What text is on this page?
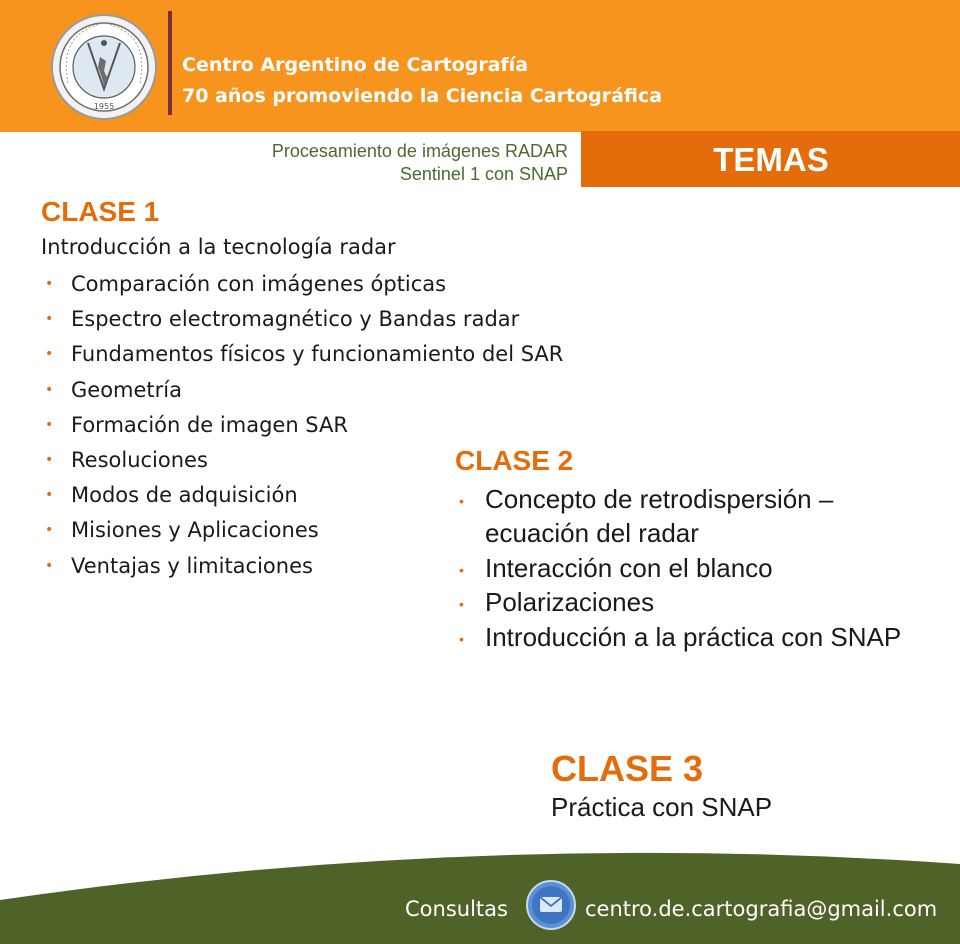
1955
Centro Argentino de Cartografía
70 años promoviendo la Ciencia Cartográfica
Procesamiento de imágenes RADAR
Sentinel 1 con SNAP	TEMAS
CLASE 1
Introducción a la tecnología radar
• Comparación con imágenes ópticas
• Espectro electromagnético y Bandas radar
• Fundamentos físicos y funcionamiento del SAR
• Geometría
• Formación de imagen SAR
• Resoluciones
• Modos de adquisición
• Misiones y Aplicaciones
• Ventajas y limitaciones
CLASE 2
• Concepto de retrodispersión – ecuación del radar
• Interacción con el blanco
• Polarizaciones
• Introducción a la práctica con SNAP
CLASE 3
Práctica con SNAP
Consultas	centro.de.cartografia@gmail.com
